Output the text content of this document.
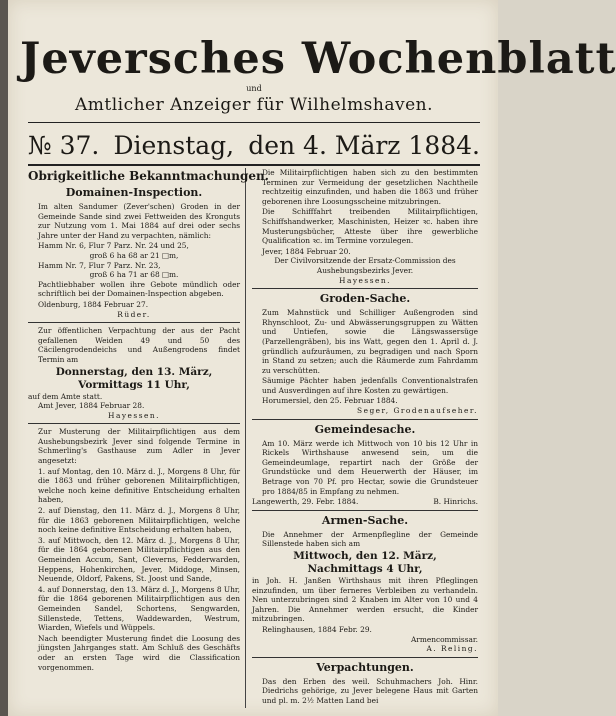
Jeversches Wochenblatt
und
Amtlicher Anzeiger für Wilhelmshaven.
№ 37. Dienstag, den 4. März 1884.
Obrigkeitliche Bekanntmachungen.
Domainen-Inspection.

Im alten Sandumer (Zever'schen) Groden in der Gemeinde Sande sind zwei Fettweiden des Kronguts zur Nutzung vom 1. Mai 1884 auf drei oder sechs Jahre unter der Hand zu verpachten, nämlich:

Hamm Nr. 6, Flur 7 Parz. Nr. 24 und 25,
groß 6 ha 68 ar 21 □m,
Hamm Nr. 7, Flur 7 Parz. Nr. 23,
groß 6 ha 71 ar 68 □m.

Pachtliebhaber wollen ihre Gebote mündlich oder schriftlich bei der Domainen-Inspection abgeben.

Oldenburg, 1884 Februar 27.
Rüder.

Zur öffentlichen Verpachtung der aus der Pacht gefallenen Weiden 49 und 50 des Cäcilengrodendeichs und Außengrodens findet Termin am

Donnerstag, den 13. März,
Vormittags 11 Uhr,
auf dem Amte statt.
Amt Jever, 1884 Februar 28.
Hayessen.

Zur Musterung der Militairpflichtigen aus dem Aushebungsbezirk Jever sind folgende Termine in Schmerling's Gasthause zum Adler in Jever angesetzt:

1. auf Montag, den 10. März d. J., Morgens 8 Uhr, für die 1863 und früher geborenen Militairpflichtigen, welche noch keine definitive Entscheidung erhalten haben,

2. auf Dienstag, den 11. März d. J., Morgens 8 Uhr, für die 1863 geborenen Militairpflichtigen, welche noch keine definitive Entscheidung erhalten haben,

3. auf Mittwoch, den 12. März d. J., Morgens 8 Uhr, für die 1864 geborenen Militairpflichtigen aus den Gemeinden Accum, Sant, Cleverns, Fedderwarden, Heppens, Hohenkirchen, Jever, Middoge, Minsen, Neuende, Oldorf, Pakens, St. Joost und Sande,

4. auf Donnerstag, den 13. März d. J., Morgens 8 Uhr, für die 1864 geborenen Militairpflichtigen aus den Gemeinden Sandel, Schortens, Sengwarden, Sillenstede, Tettens, Waddewarden, Westrum, Wiarden, Wiefels und Wüppels.

Nach beendigter Musterung findet die Loosung des jüngsten Jahrganges statt. Am Schluß des Geschäfts oder an ersten Tage wird die Classification vorgenommen.

Die Militairpflichtigen haben sich zu den bestimmten Terminen zur Vermeidung der gesetzlichen Nachtheile rechtzeitig einzufinden, und haben die 1863 und früher geborenen ihre Loosungsscheine mitzubringen.

Die Schifffahrt treibenden Militairpflichtigen, Schiffshandwerker, Maschinisten, Heizer ꝛc. haben ihre Musterungsbücher, Atteste über ihre gewerbliche Qualification ꝛc. im Termine vorzulegen.

Jever, 1884 Februar 20.
Der Civilvorsitzende der Ersatz-Commission des
Aushebungsbezirks Jever.
Hayessen.
Groden-Sache.

Zum Mahnstück und Schilliger Außengroden sind Rhynschloot, Zu- und Abwässerungsgruppen zu Wätten und Untiefen, sowie die Längswassersüge (Parzellengräben), bis ins Watt, gegen den 1. April d. J. gründlich aufzuräumen, zu begradigen und nach Sporn in Stand zu setzen; auch die Räumerde zum Fahrdamm zu verschütten.

Säumige Pächter haben jedenfalls Conventionalstrafen und Ausverdingen auf ihre Kosten zu gewärtigen.

Horumersiel, den 25. Februar 1884.
Seger, Grodenaufseher.
Gemeindesache.

Am 10. März werde ich Mittwoch von 10 bis 12 Uhr in Rickels Wirthshause anwesend sein, um die Gemeindeumlage, repartirt nach der Größe der Grundstücke und dem Heuerwerth der Häuser, im Betrage von 70 Pf. pro Hectar, sowie die Grundsteuer pro 1884/85 in Empfang zu nehmen.

Langewerth, 29. Febr. 1884.	B. Hinrichs.
Armen-Sache.

Die Annehmer der Armenpflegline der Gemeinde Sillenstede haben sich am

Mittwoch, den 12. März,
Nachmittags 4 Uhr,

in Joh. H. Janßen Wirthshaus mit ihren Pfleglingen einzufinden, um über ferneres Verbleiben zu verhandeln. Nen unterzubringen sind 2 Knaben im Alter von 10 und 4 Jahren. Die Annehmer werden ersucht, die Kinder mitzubringen.

Relinghausen, 1884 Febr. 29.
Armencommissar.
A. Reling.
Verpachtungen.

Das den Erben des weil. Schuhmachers Joh. Hinr. Diedrichs gehörige, zu Jever belegene Haus mit Garten und pl. m. 2½ Matten Land bei
